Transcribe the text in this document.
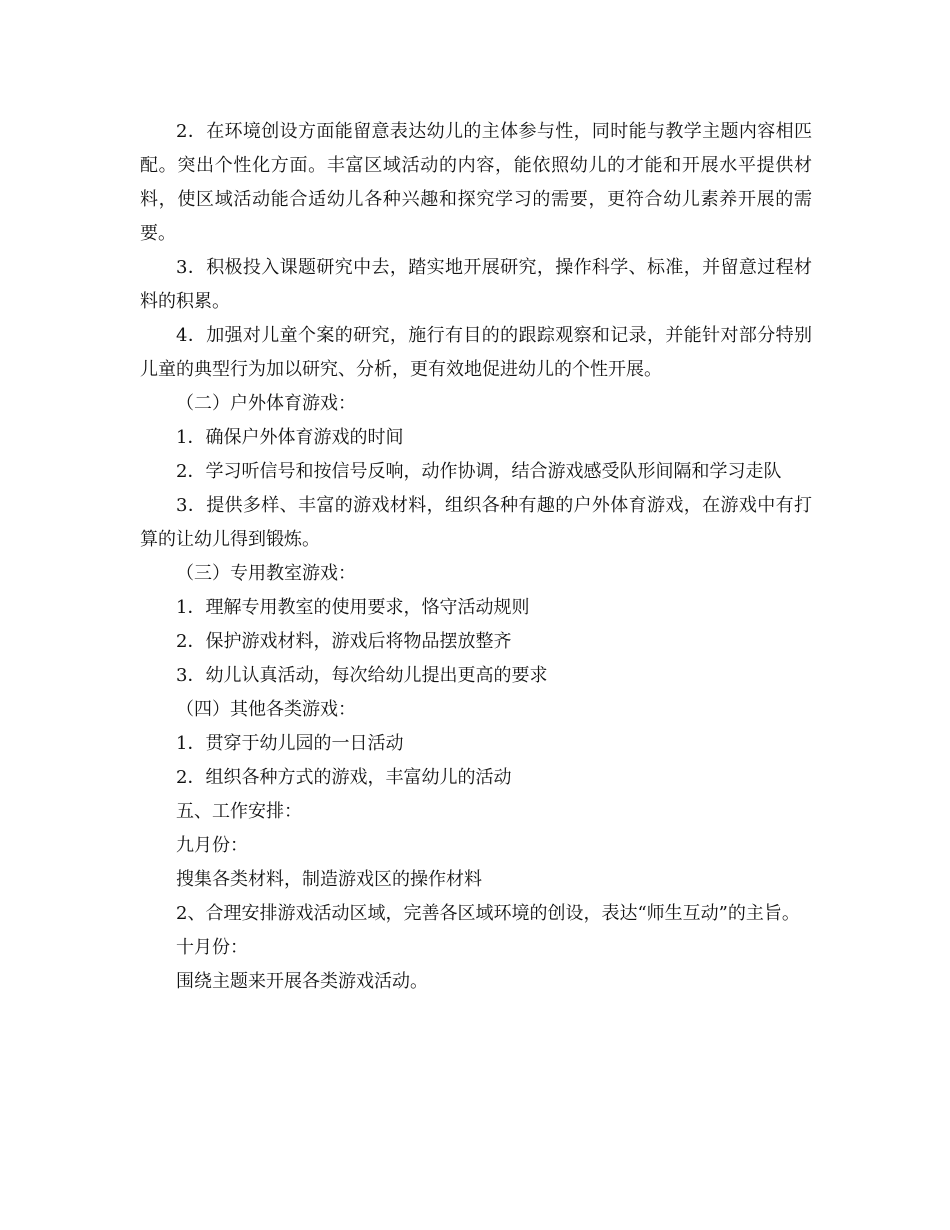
2．在环境创设方面能留意表达幼儿的主体参与性，同时能与教学主题内容相匹配。突出个性化方面。丰富区域活动的内容，能依照幼儿的才能和开展水平提供材料，使区域活动能合适幼儿各种兴趣和探究学习的需要，更符合幼儿素养开展的需要。

3．积极投入课题研究中去，踏实地开展研究，操作科学、标准，并留意过程材料的积累。

4．加强对儿童个案的研究，施行有目的的跟踪观察和记录，并能针对部分特别儿童的典型行为加以研究、分析，更有效地促进幼儿的个性开展。

（二）户外体育游戏：

1．确保户外体育游戏的时间

2．学习听信号和按信号反响，动作协调，结合游戏感受队形间隔和学习走队

3．提供多样、丰富的游戏材料，组织各种有趣的户外体育游戏，在游戏中有打算的让幼儿得到锻炼。

（三）专用教室游戏：

1．理解专用教室的使用要求，恪守活动规则

2．保护游戏材料，游戏后将物品摆放整齐

3．幼儿认真活动，每次给幼儿提出更高的要求

（四）其他各类游戏：

1．贯穿于幼儿园的一日活动

2．组织各种方式的游戏，丰富幼儿的活动

五、工作安排：

九月份：

搜集各类材料，制造游戏区的操作材料

2、合理安排游戏活动区域，完善各区域环境的创设，表达“师生互动”的主旨。

十月份：

围绕主题来开展各类游戏活动。
